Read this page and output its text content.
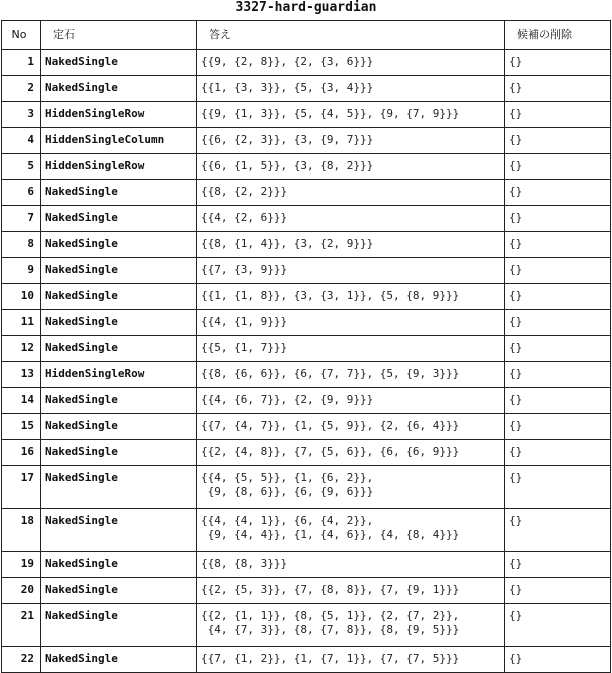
3327-hard-guardian
No	定石	答え	候補の削除
1	NakedSingle	{{9, {2, 8}}, {2, {3, 6}}}	{}
2	NakedSingle	{{1, {3, 3}}, {5, {3, 4}}}	{}
3	HiddenSingleRow	{{9, {1, 3}}, {5, {4, 5}}, {9, {7, 9}}}	{}
4	HiddenSingleColumn	{{6, {2, 3}}, {3, {9, 7}}}	{}
5	HiddenSingleRow	{{6, {1, 5}}, {3, {8, 2}}}	{}
6	NakedSingle	{{8, {2, 2}}}	{}
7	NakedSingle	{{4, {2, 6}}}	{}
8	NakedSingle	{{8, {1, 4}}, {3, {2, 9}}}	{}
9	NakedSingle	{{7, {3, 9}}}	{}
10	NakedSingle	{{1, {1, 8}}, {3, {3, 1}}, {5, {8, 9}}}	{}
11	NakedSingle	{{4, {1, 9}}}	{}
12	NakedSingle	{{5, {1, 7}}}	{}
13	HiddenSingleRow	{{8, {6, 6}}, {6, {7, 7}}, {5, {9, 3}}}	{}
14	NakedSingle	{{4, {6, 7}}, {2, {9, 9}}}	{}
15	NakedSingle	{{7, {4, 7}}, {1, {5, 9}}, {2, {6, 4}}}	{}
16	NakedSingle	{{2, {4, 8}}, {7, {5, 6}}, {6, {6, 9}}}	{}
17	NakedSingle	{{4, {5, 5}}, {1, {6, 2}},
{9, {8, 6}}, {6, {9, 6}}}	{}
18	NakedSingle	{{4, {4, 1}}, {6, {4, 2}},
{9, {4, 4}}, {1, {4, 6}}, {4, {8, 4}}}	{}
19	NakedSingle	{{8, {8, 3}}}	{}
20	NakedSingle	{{2, {5, 3}}, {7, {8, 8}}, {7, {9, 1}}}	{}
21	NakedSingle	{{2, {1, 1}}, {8, {5, 1}}, {2, {7, 2}},
{4, {7, 3}}, {8, {7, 8}}, {8, {9, 5}}}	{}
22	NakedSingle	{{7, {1, 2}}, {1, {7, 1}}, {7, {7, 5}}}	{}
